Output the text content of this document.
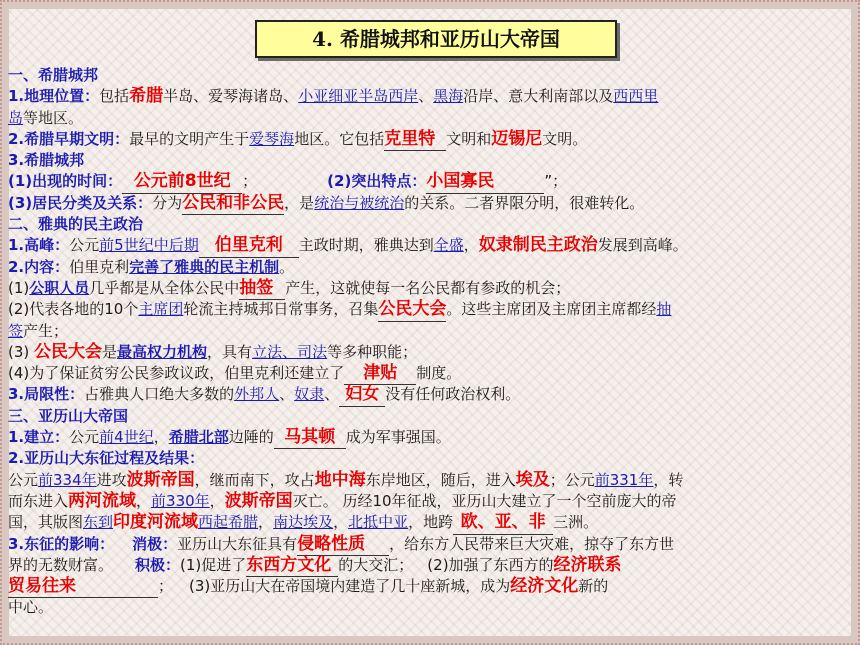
4. 希腊城邦和亚历山大帝国
一、希腊城邦
1.地理位置：包括希腊半岛、爱琴海诸岛、小亚细亚半岛西岸、黑海沿岸、意大利南部以及西西里
岛等地区。
2.希腊早期文明：最早的文明产生于爱琴海地区。它包括克里特 文明和迈锡尼文明。
3.希腊城邦
(1)出现的时间： 公元前8世纪 ；	(2)突出特点：小国寡民	”；
(3)居民分类及关系：分为公民和非公民，是统治与被统治的关系。二者界限分明，很难转化。
二、雅典的民主政治
1.高峰：公元前5世纪中后期 伯里克利 主政时期，雅典达到全盛，奴隶制民主政治发展到高峰。
2.内容：伯里克利完善了雅典的民主机制。
(1)公职人员几乎都是从全体公民中抽签 产生，这就使每一名公民都有参政的机会；
(2)代表各地的10个主席团轮流主持城邦日常事务，召集公民大会。这些主席团及主席团主席都经抽
签产生；
(3) 公民大会是最高权力机构，具有立法、司法等多种职能；
(4)为了保证贫穷公民参政议政，伯里克利还建立了 津贴 制度。
3.局限性：占雅典人口绝大多数的外邦人、奴隶、 妇女 没有任何政治权利。
三、亚历山大帝国
1.建立：公元前4世纪，希腊北部边陲的 马其顿 成为军事强国。
2.亚历山大东征过程及结果：
公元前334年进攻波斯帝国，继而南下，攻占地中海东岸地区，随后，进入埃及；公元前331年，转
而东进入两河流域，前330年，波斯帝国灭亡。 历经10年征战，亚历山大建立了一个空前庞大的帝
国，其版图东到印度河流域西起希腊，南达埃及，北抵中亚，地跨 欧、亚、非 三洲。
3.东征的影响： 消极：亚历山大东征具有侵略性质 ，给东方人民带来巨大灾难，掠夺了东方世
界的无数财富。 积极：(1)促进了东西方文化 的大交汇； (2)加强了东西方的经济联系
贸易往来	； (3)亚历山大在帝国境内建造了几十座新城，成为经济文化新的
中心。
